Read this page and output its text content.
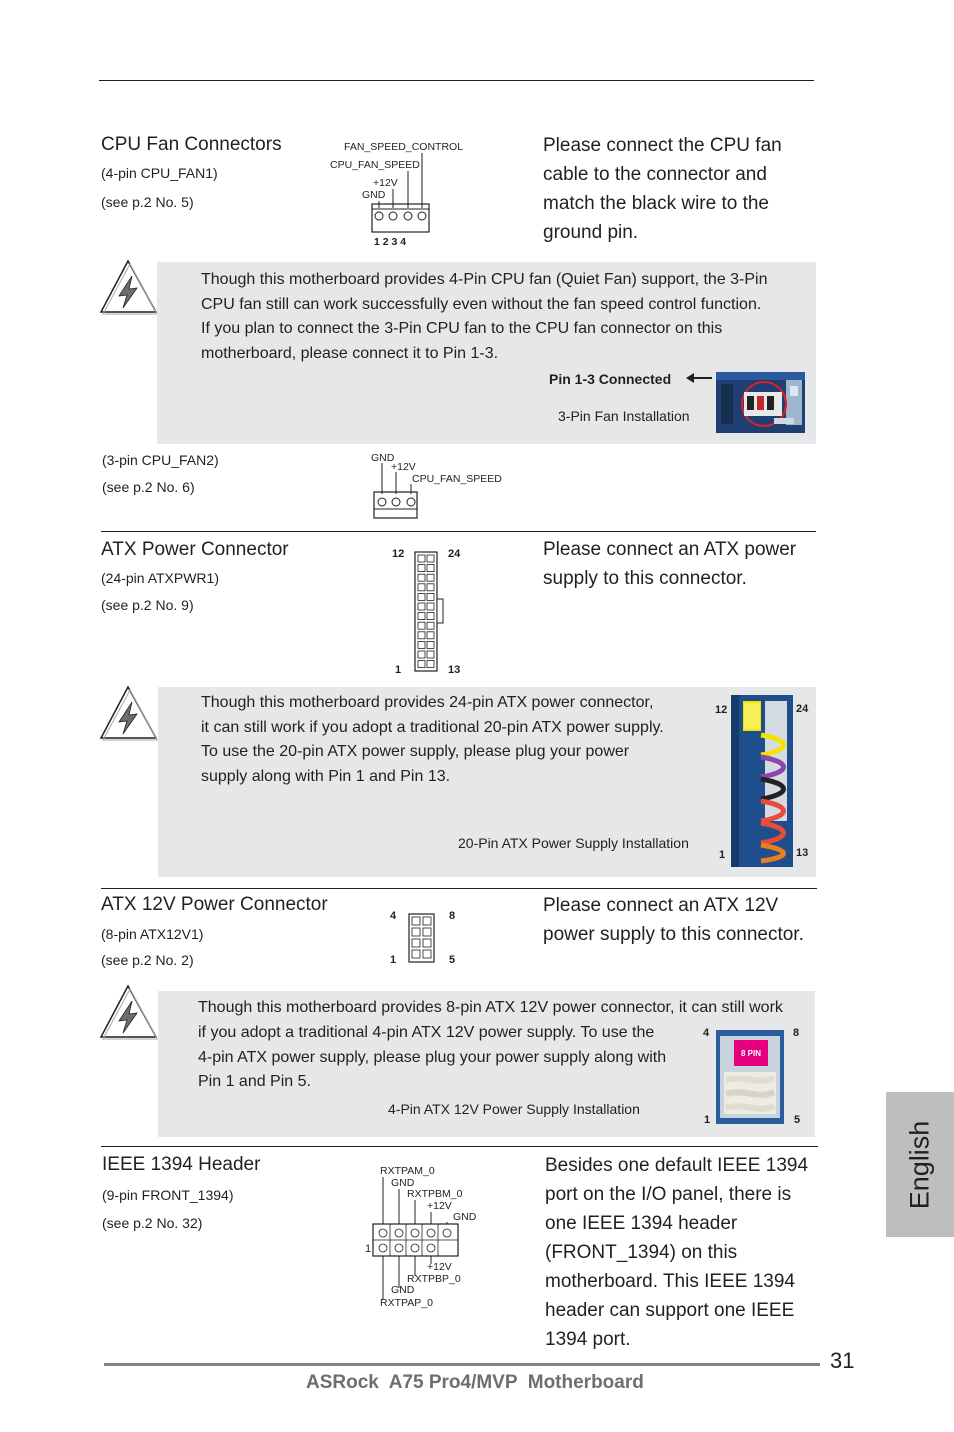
CPU Fan Connectors
(4-pin CPU_FAN1)
(see p.2 No. 5)
FAN_SPEED_CONTROL
CPU_FAN_SPEED
+12V
GND
1 2 3 4
Please connect the CPU fan
cable to the connector and
match the black wire to the
ground pin.
Though this motherboard provides 4-Pin CPU fan (Quiet Fan) support, the 3-Pin
CPU fan still can work successfully even without the fan speed control function.
If you plan to connect the 3-Pin CPU fan to the CPU fan connector on this
motherboard, please connect it to Pin 1-3.
Pin 1-3 Connected
3-Pin Fan Installation
(3-pin CPU_FAN2)
(see p.2 No. 6)
GND
+12V
CPU_FAN_SPEED
ATX Power Connector
(24-pin ATXPWR1)
(see p.2 No. 9)
12	24
1	13
Please connect an ATX power
supply to this connector.
Though this motherboard provides 24-pin ATX power connector,
it can still work if you adopt a traditional 20-pin ATX power supply.
To use the 20-pin ATX power supply, please plug your power
supply along with Pin 1 and Pin 13.
20-Pin ATX Power Supply Installation
12	24
1	13
ATX 12V Power Connector
(8-pin ATX12V1)
(see p.2 No. 2)
4	8
1	5
Please connect an ATX 12V
power supply to this connector.
Though this motherboard provides 8-pin ATX 12V power connector, it can still work
if you adopt a traditional 4-pin ATX 12V power supply. To use the
4-pin ATX power supply, please plug your power supply along with
Pin 1 and Pin 5.
4-Pin ATX 12V Power Supply Installation
4	8
1	5
8 PIN
IEEE 1394 Header
(9-pin FRONT_1394)
(see p.2 No. 32)
RXTPAM_0
GND
RXTPBM_0
+12V
GND
1
+12V
RXTPBP_0
GND
RXTPAP_0
Besides one default IEEE 1394
port on the I/O panel, there is
one IEEE 1394 header
(FRONT_1394) on this
motherboard. This IEEE 1394
header can support one IEEE
1394 port.
English
31
ASRock  A75 Pro4/MVP  Motherboard
